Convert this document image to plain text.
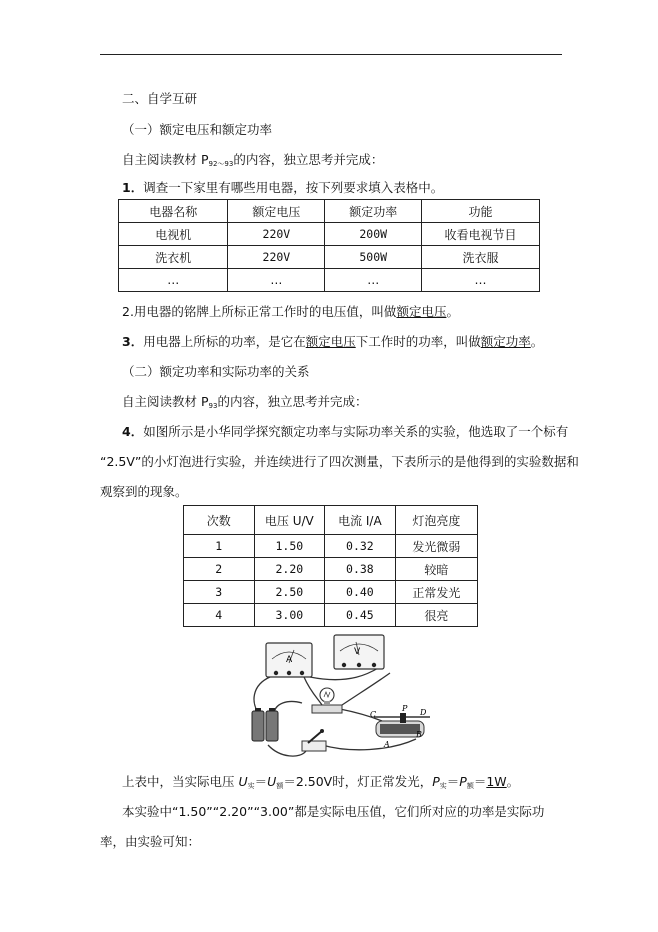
二、自学互研
（一）额定电压和额定功率
自主阅读教材 $P_{92\sim 93}$的内容，独立思考并完成：
1．调查一下家里有哪些用电器，按下列要求填入表格中。
电器名称	额定电压	额定功率	功能
电视机	220V	200W	收看电视节目
洗衣机	220V	500W	洗衣服
…	…	…	…
2.用电器的铭牌上所标正常工作时的电压值，叫做额定电压。
3．用电器上所标的功率，是它在额定电压下工作时的功率，叫做额定功率。
（二）额定功率和实际功率的关系
自主阅读教材 $P_{93}$的内容，独立思考并完成：
4．如图所示是小华同学探究额定功率与实际功率关系的实验，他选取了一个标有
“2.5V”的小灯泡进行实验，并连续进行了四次测量，下表所示的是他得到的实验数据和
观察到的现象。
次数	电压 U/V	电流 I/A	灯泡亮度
1	1.50	0.32	发光微弱
2	2.20	0.38	较暗
3	2.50	0.40	正常发光
4	3.00	0.45	很亮
A
V
C
P D
A
B
上表中，当实际电压 $U_实=U_额=2.50V$时，灯正常发光，$P_实=P_额=1W$。
本实验中“1.50”“2.20”“3.00”都是实际电压值，它们所对应的功率是实际功
率，由实验可知：
